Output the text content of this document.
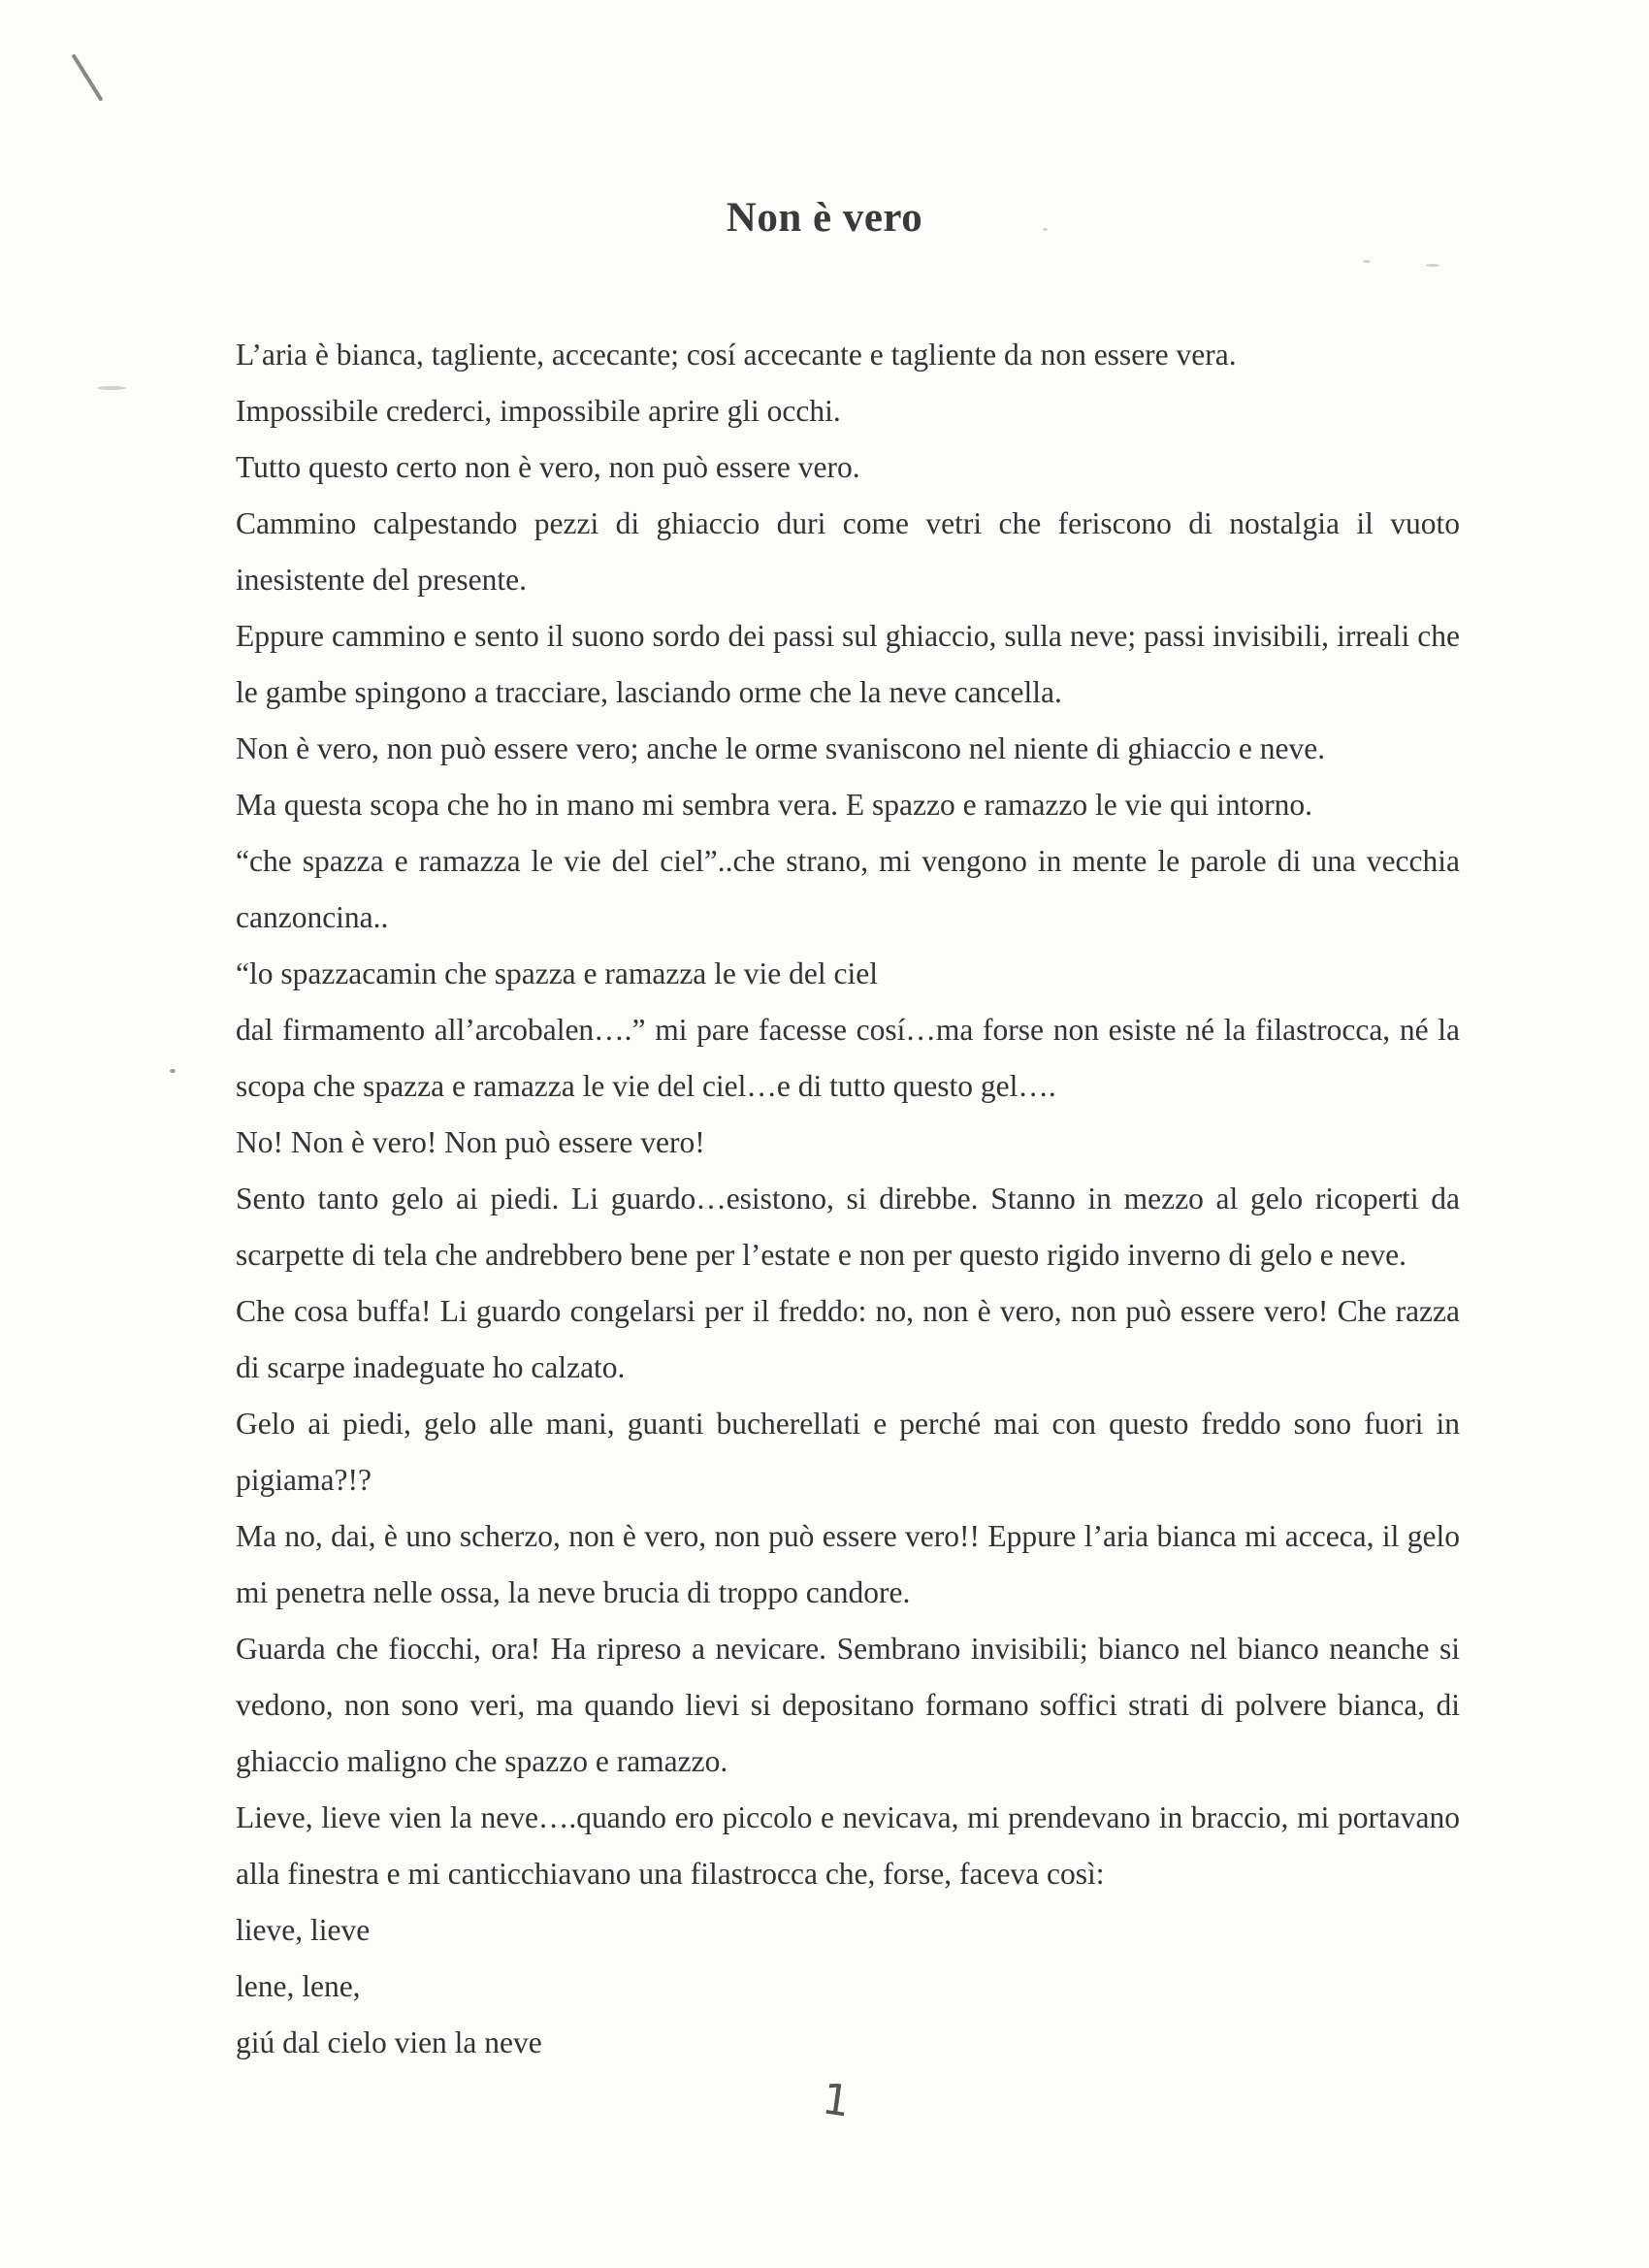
Non è vero

L’aria è bianca, tagliente, accecante; cosí accecante e tagliente da non essere vera.

Impossibile crederci, impossibile aprire gli occhi.

Tutto questo certo non è vero, non può essere vero.

Cammino calpestando pezzi di ghiaccio duri come vetri che feriscono di nostalgia il vuoto inesistente del presente.

Eppure cammino e sento il suono sordo dei passi sul ghiaccio, sulla neve; passi invisibili, irreali che le gambe spingono a tracciare, lasciando orme che la neve cancella.

Non è vero, non può essere vero; anche le orme svaniscono nel niente di ghiaccio e neve.

Ma questa scopa che ho in mano mi sembra vera. E spazzo e ramazzo le vie qui intorno.

“che spazza e ramazza le vie del ciel”..che strano, mi vengono in mente le parole di una vecchia canzoncina..

“lo spazzacamin che spazza e ramazza le vie del ciel

dal firmamento all’arcobalen….” mi pare facesse cosí…ma forse non esiste né la filastrocca, né la scopa che spazza e ramazza le vie del ciel…e di tutto questo gel….

No! Non è vero! Non può essere vero!

Sento tanto gelo ai piedi. Li guardo…esistono, si direbbe. Stanno in mezzo al gelo ricoperti da scarpette di tela che andrebbero bene per l’estate e non per questo rigido inverno di gelo e neve.

Che cosa buffa! Li guardo congelarsi per il freddo: no, non è vero, non può essere vero! Che razza di scarpe inadeguate ho calzato.

Gelo ai piedi, gelo alle mani, guanti bucherellati e perché mai con questo freddo sono fuori in pigiama?!?

Ma no, dai, è uno scherzo, non è vero, non può essere vero!! Eppure l’aria bianca mi acceca, il gelo mi penetra nelle ossa, la neve brucia di troppo candore.

Guarda che fiocchi, ora! Ha ripreso a nevicare. Sembrano invisibili; bianco nel bianco neanche si vedono, non sono veri, ma quando lievi si depositano formano soffici strati di polvere bianca, di ghiaccio maligno che spazzo e ramazzo.

Lieve, lieve vien la neve….quando ero piccolo e nevicava, mi prendevano in braccio, mi portavano alla finestra e mi canticchiavano una filastrocca che, forse, faceva così:

lieve, lieve

lene, lene,

giú dal cielo vien la neve

1
